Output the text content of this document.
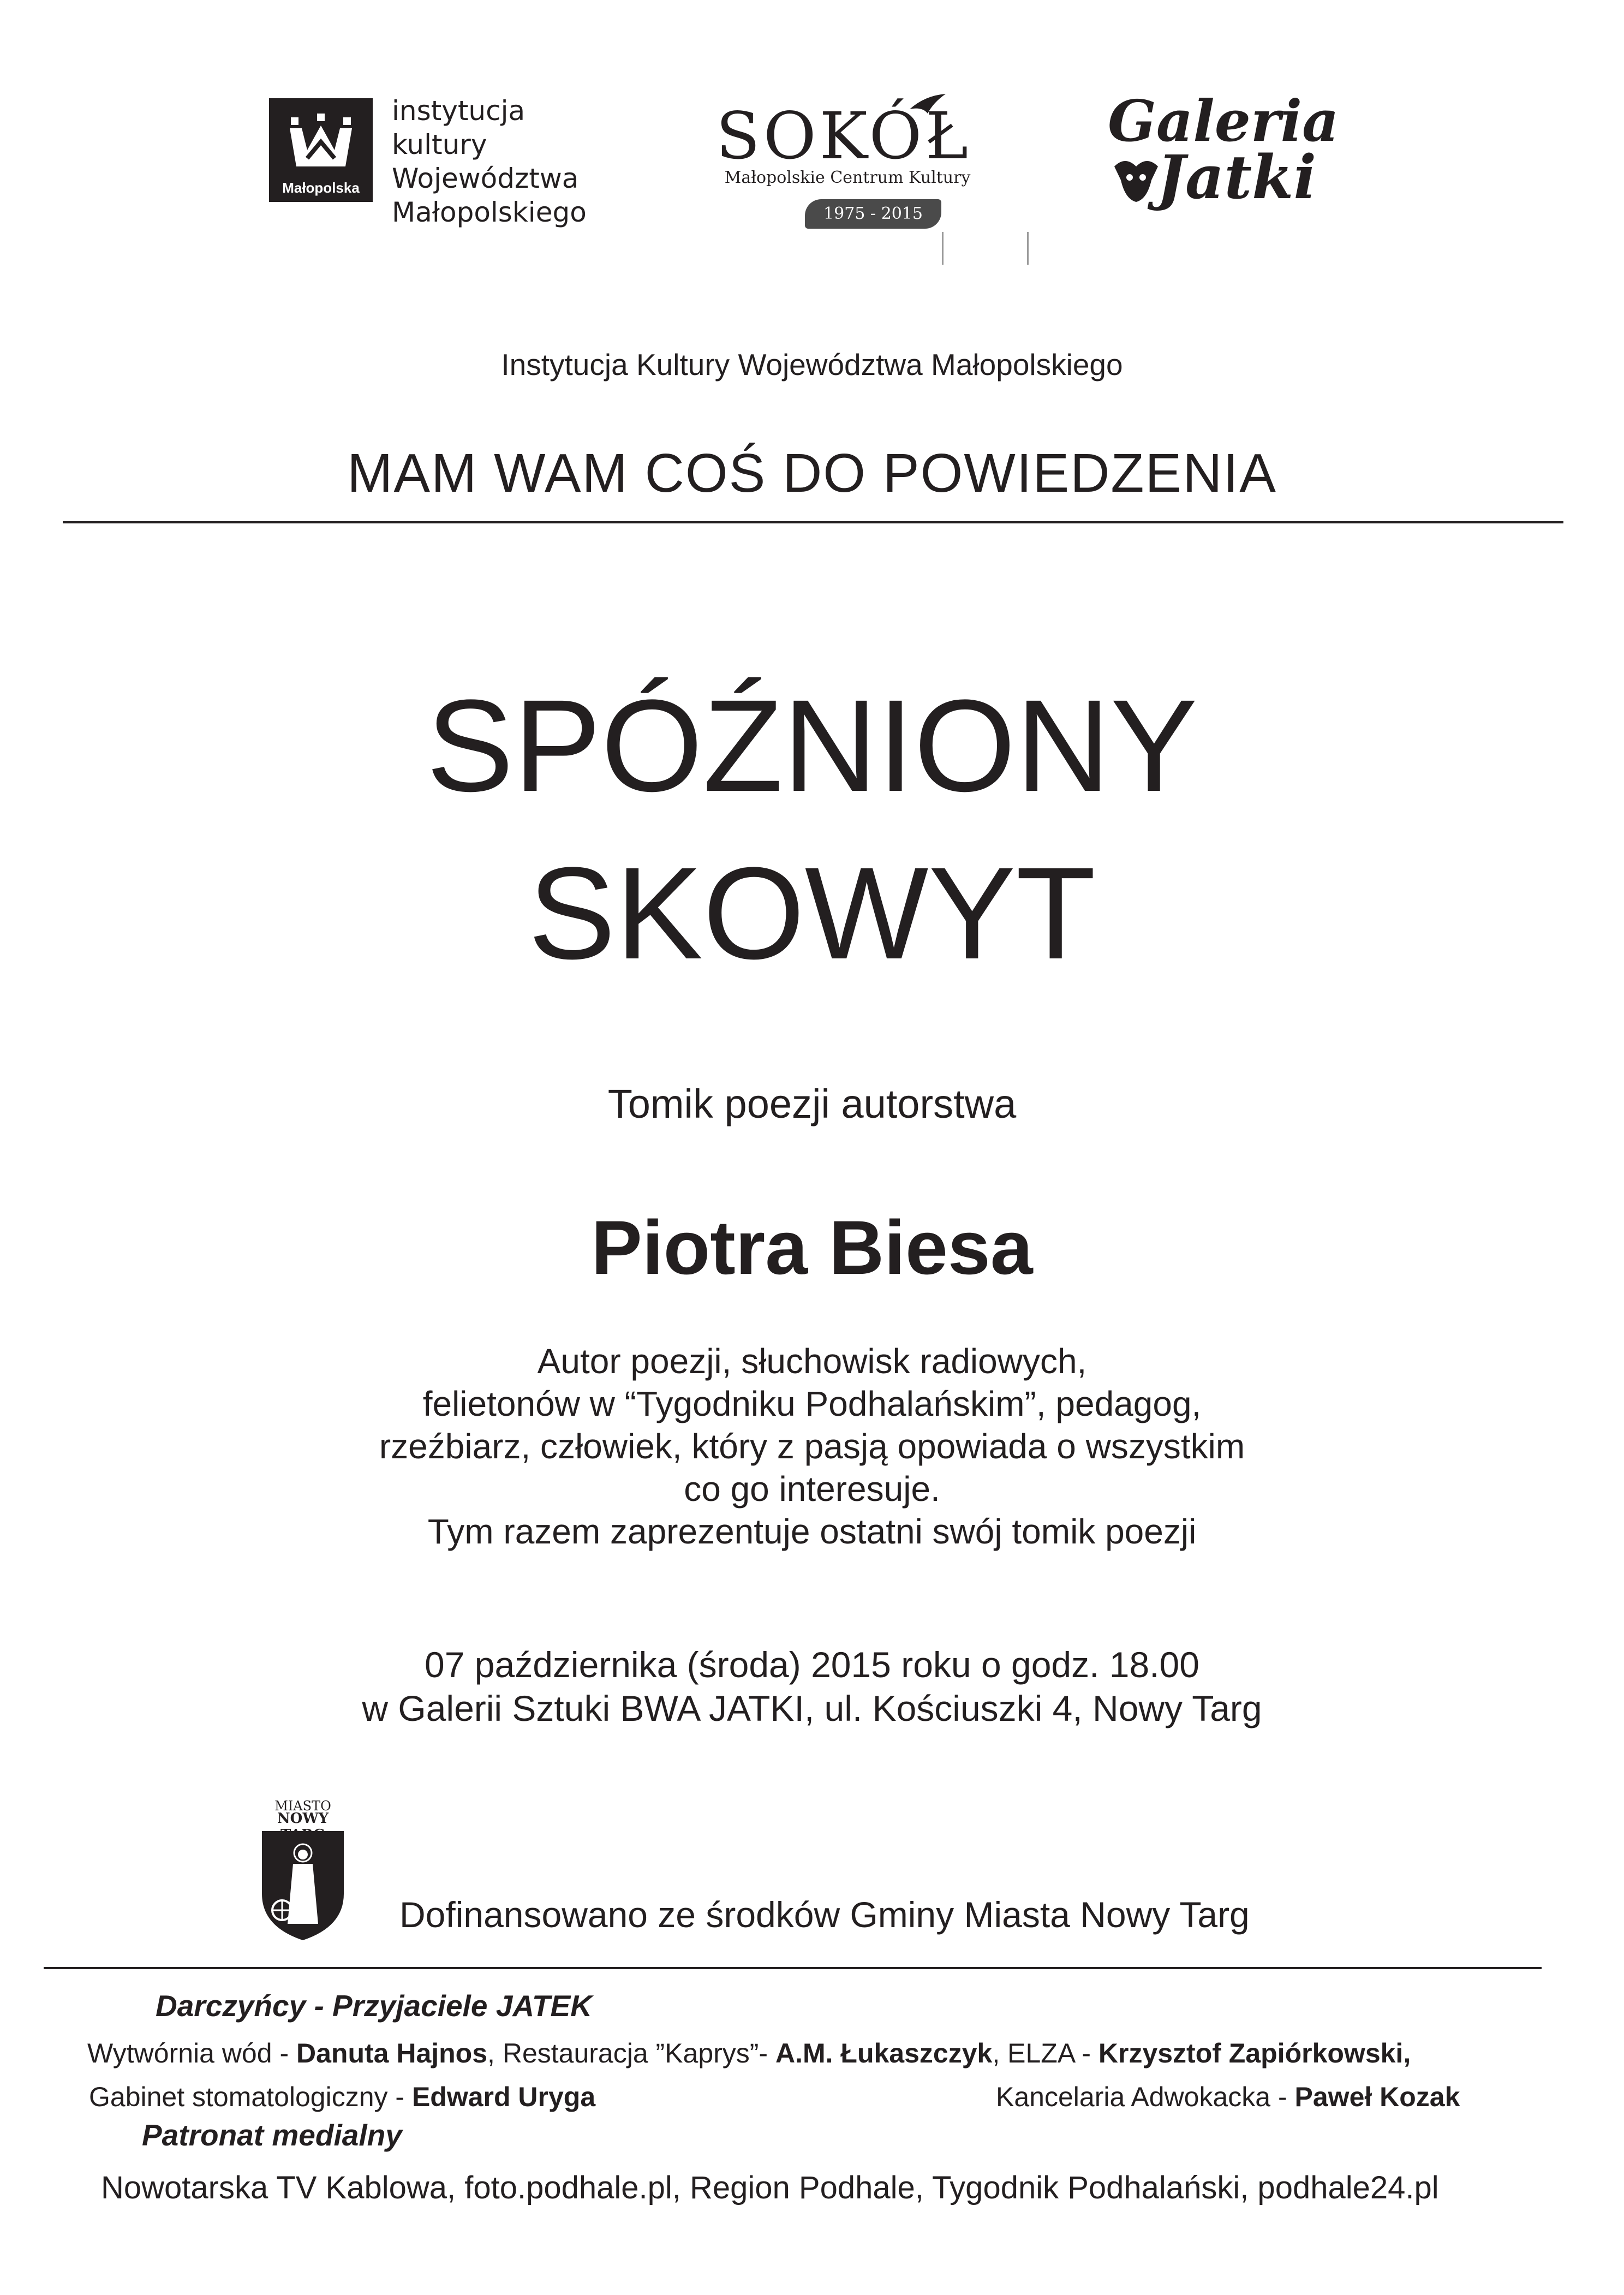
Małopolska
instytucja kultury
Województwa
Małopolskiego
SOKÓŁ
Małopolskie Centrum Kultury
1975 - 2015
Galeria
Jatki
Instytucja Kultury Województwa Małopolskiego
MAM WAM COŚ DO POWIEDZENIA
SPÓŹNIONY
SKOWYT
Tomik poezji autorstwa
Piotra Biesa
Autor poezji, słuchowisk radiowych,
felietonów w “Tygodniku Podhalańskim”, pedagog,
rzeźbiarz, człowiek, który z pasją opowiada o wszystkim
co go interesuje.
Tym razem zaprezentuje ostatni swój tomik poezji
07 października (środa) 2015 roku o godz. 18.00
w Galerii Sztuki BWA JATKI, ul. Kościuszki 4, Nowy Targ
MIASTO
NOWY
Dofinansowano ze środków Gminy Miasta Nowy Targ
Darczyńcy - Przyjaciele JATEK
Wytwórnia wód - Danuta Hajnos, Restauracja ”Kaprys”- A.M. Łukaszczyk, ELZA - Krzysztof Zapiórkowski,
Gabinet stomatologiczny - Edward Uryga	Kancelaria Adwokacka - Paweł Kozak
Patronat medialny
Nowotarska TV Kablowa, foto.podhale.pl, Region Podhale, Tygodnik Podhalański, podhale24.pl
